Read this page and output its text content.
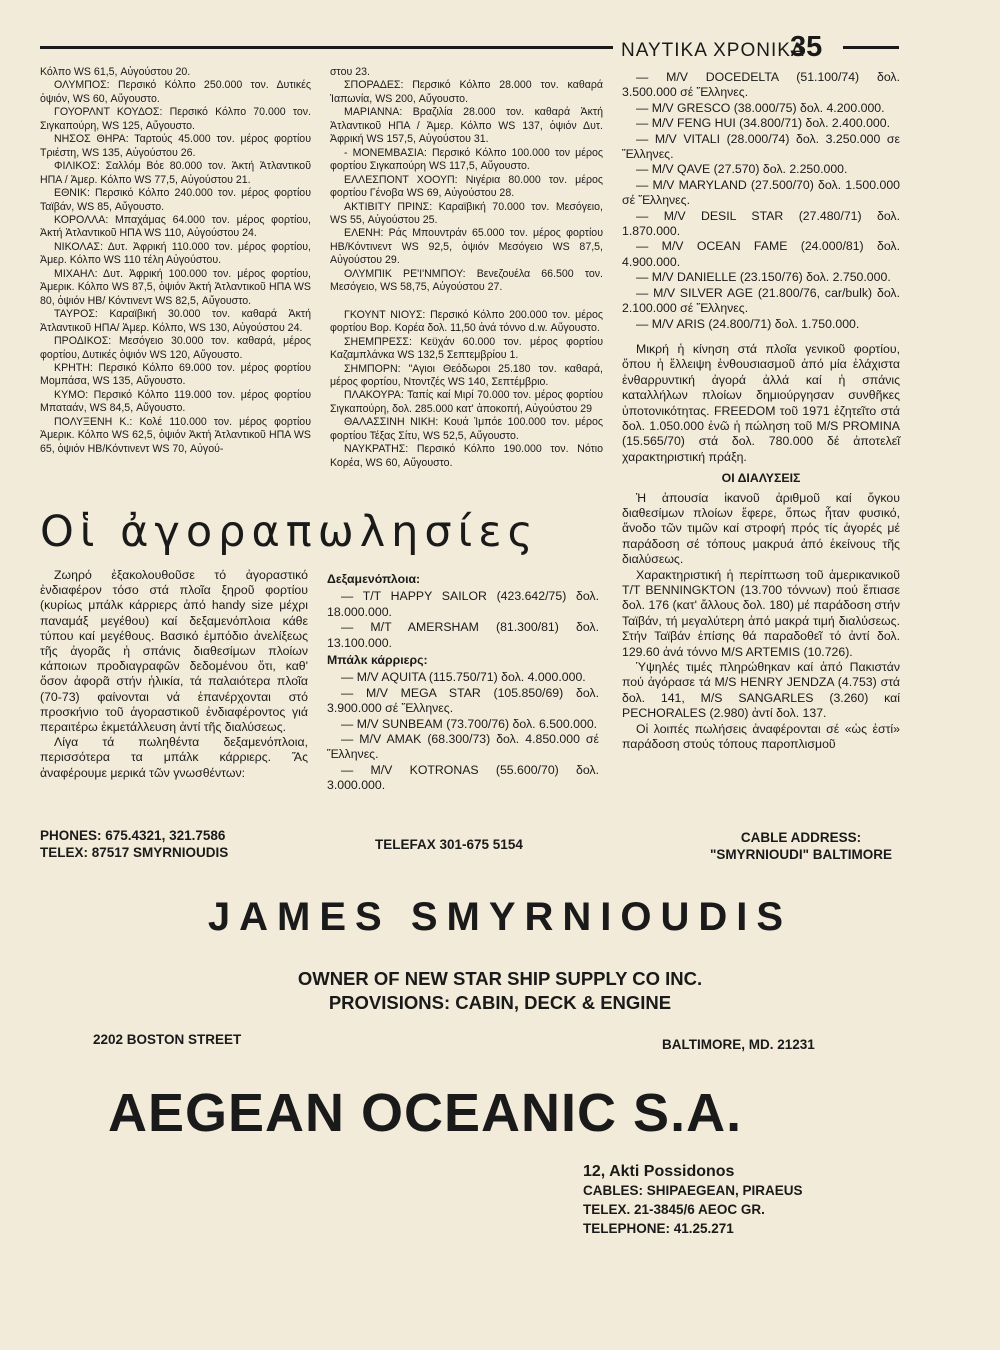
ΝΑΥΤΙΚΑ ΧΡΟΝΙΚΑ
35

Κόλπο WS 61,5, Αὐγούστου 20.

ΟΛΥΜΠΟΣ: Περσικό Κόλπο 250.000 τον. Δυτικές ὀψιόν, WS 60, Αὔγουστο.

ΓΟΥΟΡΛΝΤ ΚΟΥΔΟΣ: Περσικό Κόλπο 70.000 τον. Σιγκαπούρη, WS 125, Αὔγουστο.

ΝΗΣΟΣ ΘΗΡΑ: Ταρτούς 45.000 τον. μέρος φορτίου Τριέστη, WS 135, Αὐγούστου 26.

ΦΙΛΙΚΟΣ: Σαλλόμ Βόε 80.000 τον. Ἀκτή Ἀτλαντικοῦ ΗΠΑ / Ἀμερ. Κόλπο WS 77,5, Αὐγούστου 21.

ΕΘΝΙΚ: Περσικό Κόλπο 240.000 τον. μέρος φορτίου Ταϊβάν, WS 85, Αὔγουστο.

ΚΟΡΟΛΛΑ: Μπαχάμας 64.000 τον. μέρος φορτίου, Ἀκτή Ἀτλαντικοῦ ΗΠΑ WS 110, Αὐγούστου 24.

ΝΙΚΟΛΑΣ: Δυτ. Ἀφρική 110.000 τον. μέρος φορτίου, Ἀμερ. Κόλπο WS 110 τέλη Αὐγούστου.

ΜΙΧΑΗΛ: Δυτ. Ἀφρική 100.000 τον. μέρος φορτίου, Ἀμερικ. Κόλπο WS 87,5, ὀψιόν Ἀκτή Ἀτλαντικοῦ ΗΠΑ WS 80, ὀψιόν ΗΒ/ Κόντινεντ WS 82,5, Αὔγουστο.

ΤΑΥΡΟΣ: Καραϊβική 30.000 τον. καθαρά Ἀκτή Ἀτλαντικοῦ ΗΠΑ/ Ἀμερ. Κόλπο, WS 130, Αὐγούστου 24.

ΠΡΟΔΙΚΟΣ: Μεσόγειο 30.000 τον. καθαρά, μέρος φορτίου, Δυτικές ὀψιόν WS 120, Αὔγουστο.

ΚΡΗΤΗ: Περσικό Κόλπο 69.000 τον. μέρος φορτίου Μομπάσα, WS 135, Αὔγουστο.

ΚΥΜΟ: Περσικό Κόλπο 119.000 τον. μέρος φορτίου Μπαταάν, WS 84,5, Αὔγουστο.

ΠΟΛΥΞΕΝΗ Κ.: Κολέ 110.000 τον. μέρος φορτίου Ἀμερικ. Κόλπο WS 62,5, ὀψιόν Ἀκτή Ἀτλαντικοῦ ΗΠΑ WS 65, ὀψιόν ΗΒ/Κόντινεντ WS 70, Αὐγού-

στου 23.

ΣΠΟΡΑΔΕΣ: Περσικό Κόλπο 28.000 τον. καθαρά Ἰαπωνία, WS 200, Αὔγουστο.

ΜΑΡΙΑΝΝΑ: Βραζιλία 28.000 τον. καθαρά Ἀκτή Ἀτλαντικοῦ ΗΠΑ / Ἀμερ. Κόλπο WS 137, ὀψιόν Δυτ. Ἀφρική WS 157,5, Αὐγούστου 31.

- ΜΟΝΕΜΒΑΣΙΑ: Περσικό Κόλπο 100.000 τον μέρος φορτίου Σιγκαπούρη WS 117,5, Αὔγουστο.

ΕΛΛΕΣΠΟΝΤ ΧΟΟΥΠ: Νιγέρια 80.000 τον. μέρος φορτίου Γένοβα WS 69, Αὐγούστου 28.

ΑΚΤΙΒΙΤΥ ΠΡΙΝΣ: Καραϊβική 70.000 τον. Μεσόγειο, WS 55, Αὐγούστου 25.

ΕΛΕΝΗ: Ράς Μπουντράν 65.000 τον. μέρος φορτίου ΗΒ/Κόντινεντ WS 92,5, ὀψιόν Μεσόγειο WS 87,5, Αὐγούστου 29.

ΟΛΥΜΠΙΚ ΡΕ'Ι'ΝΜΠΟΥ: Βενεζουέλα 66.500 τον. Μεσόγειο, WS 58,75, Αὐγούστου 27.

ΓΚΟΥΝΤ ΝΙΟΥΣ: Περσικό Κόλπο 200.000 τον. μέρος φορτίου Βορ. Κορέα δολ. 11,50 ἀνά τόννο d.w. Αὔγουστο.

ΣΗΕΜΠΡΕΣΣ: Κεϋχάν 60.000 τον. μέρος φορτίου Καζαμπλάνκα WS 132,5 Σεπτεμβρίου 1.

ΣΗΜΠΟΡΝ: "Αγιοι Θεόδωροι 25.180 τον. καθαρά, μέρος φορτίου, Ντοντζές WS 140, Σεπτέμβριο.

ΠΛΑΚΟΥΡΑ: Ταπίς καί Μιρί 70.000 τον. μέρος φορτίου Σιγκαπούρη, δολ. 285.000 κατ' ἀποκοπή, Αὐγούστου 29

ΘΑΛΑΣΣΙΝΗ ΝΙΚΗ: Κουά Ἰμπόε 100.000 τον. μέρος φορτίου Τέξας Σίτυ, WS 52,5, Αὔγουστο.

ΝΑΥΚΡΑΤΗΣ: Περσικό Κόλπο 190.000 τον. Νότιο Κορέα, WS 60, Αὔγουστο.

— M/V DOCEDELTA (51.100/74) δολ. 3.500.000 σέ Ἕλληνες.

— M/V GRESCO (38.000/75) δολ. 4.200.000.

— M/V FENG HUI (34.800/71) δολ. 2.400.000.

— M/V VITALI (28.000/74) δολ. 3.250.000 σε Ἕλληνες.

— M/V QAVE (27.570) δολ. 2.250.000.

— M/V MARYLAND (27.500/70) δολ. 1.500.000 σέ Ἕλληνες.

— M/V DESIL STAR (27.480/71) δολ. 1.870.000.

— M/V OCEAN FAME (24.000/81) δολ. 4.900.000.

— M/V DANIELLE (23.150/76) δολ. 2.750.000.

— M/V SILVER AGE (21.800/76, car/bulk) δολ. 2.100.000 σέ Ἕλληνες.

— M/V ARIS (24.800/71) δολ. 1.750.000.

Μικρή ἡ κίνηση στά πλοῖα γενικοῦ φορτίου, ὅπου ἡ ἔλλειψη ἐνθουσιασμοῦ ἀπό μία ἐλάχιστα ἐνθαρρυντική ἀγορά ἀλλά καί ἡ σπάνις καταλλήλων πλοίων δημιούργησαν συνθῆκες ὑποτονικότητας. FREEDOM τοῦ 1971 ἐζητεῖτο στά δολ. 1.050.000 ἐνῶ ἡ πώληση τοῦ M/S PROMINA (15.565/70) στά δολ. 780.000 δέ ἀποτελεῖ χαρακτηριστική πράξη.

ΟΙ ΔΙΑΛΥΣΕΙΣ

Ἡ ἀπουσία ἱκανοῦ ἀριθμοῦ καί ὄγκου διαθεσίμων πλοίων ἔφερε, ὅπως ἦταν φυσικό, ἄνοδο τῶν τιμῶν καί στροφή πρός τίς ἀγορές μέ παράδοση σέ τόπους μακρυά ἀπό ἐκείνους τῆς διαλύσεως.

Χαρακτηριστική ἡ περίπτωση τοῦ ἀμερικανικοῦ T/T BENNINGKTON (13.700 τόννων) πού ἔπιασε δολ. 176 (κατ' ἄλλους δολ. 180) μέ παράδοση στήν Ταϊβάν, τή μεγαλύτερη ἀπό μακρά τιμή διαλύσεως. Στήν Ταϊβάν ἐπίσης θά παραδοθεῖ τό ἀντί δολ. 129.60 ἀνά τόννο M/S ARTEMIS (10.726).

Ὑψηλές τιμές πληρώθηκαν καί ἀπό Πακιστάν πού ἀγόρασε τά M/S HENRY JENDZA (4.753) στά δολ. 141, M/S SANGARLES (3.260) καί PECHORALES (2.980) ἀντί δολ. 137.

Οἱ λοιπές πωλήσεις ἀναφέρονται σέ «ὡς ἐστί» παράδοση στούς τόπους παροπλισμοῦ

Οἱ ἀγοραπωλησίες

Ζωηρό ἐξακολουθοῦσε τό ἀγοραστικό ἐνδιαφέρον τόσο στά πλοῖα ξηροῦ φορτίου (κυρίως μπάλκ κάρριερς ἀπό handy size μέχρι παναμάξ μεγέθου) καί δεξαμενόπλοια κάθε τύπου καί μεγέθους. Βασικό ἐμπόδιο ἀνελίξεως τῆς ἀγορᾶς ἡ σπάνις διαθεσίμων πλοίων κάποιων προδιαγραφῶν δεδομένου ὅτι, καθ' ὅσον ἀφορᾶ στήν ἡλικία, τά παλαιότερα πλοῖα (70-73) φαίνονται νά ἐπανέρχονται στό προσκήνιο τοῦ ἀγοραστικοῦ ἐνδιαφέροντος γιά περαιτέρω ἐκμετάλλευση ἀντί τῆς διαλύσεως.

Λίγα τά πωληθέντα δεξαμενόπλοια, περισσότερα τα μπάλκ κάρριερς. Ἄς ἀναφέρουμε μερικά τῶν γνωσθέντων:

Δεξαμενόπλοια:

— T/T HAPPY SAILOR (423.642/75) δολ. 18.000.000.

— M/T AMERSHAM (81.300/81) δολ. 13.100.000.

Μπάλκ κάρριερς:

— M/V AQUITA (115.750/71) δολ. 4.000.000.

— M/V MEGA STAR (105.850/69) δολ. 3.900.000 σέ Ἕλληνες.

— M/V SUNBEAM (73.700/76) δολ. 6.500.000.

— M/V AMAK (68.300/73) δολ. 4.850.000 σέ Ἕλληνες.

— M/V KOTRONAS (55.600/70) δολ. 3.000.000.

PHONES: 675.4321, 321.7586
TELEX: 87517 SMYRNIOUDIS
TELEFAX 301-675 5154	CABLE ADDRESS:
"SMYRNIOUDI" BALTIMORE
JAMES SMYRNIOUDIS
OWNER OF NEW STAR SHIP SUPPLY CO INC.
PROVISIONS: CABIN, DECK & ENGINE
2202 BOSTON STREET	BALTIMORE, MD. 21231
AEGEAN OCEANIC S.A.
12, Akti Possidonos
CABLES: SHIPAEGEAN, PIRAEUS
TELEX. 21-3845/6 AEOC GR.
TELEPHONE: 41.25.271
